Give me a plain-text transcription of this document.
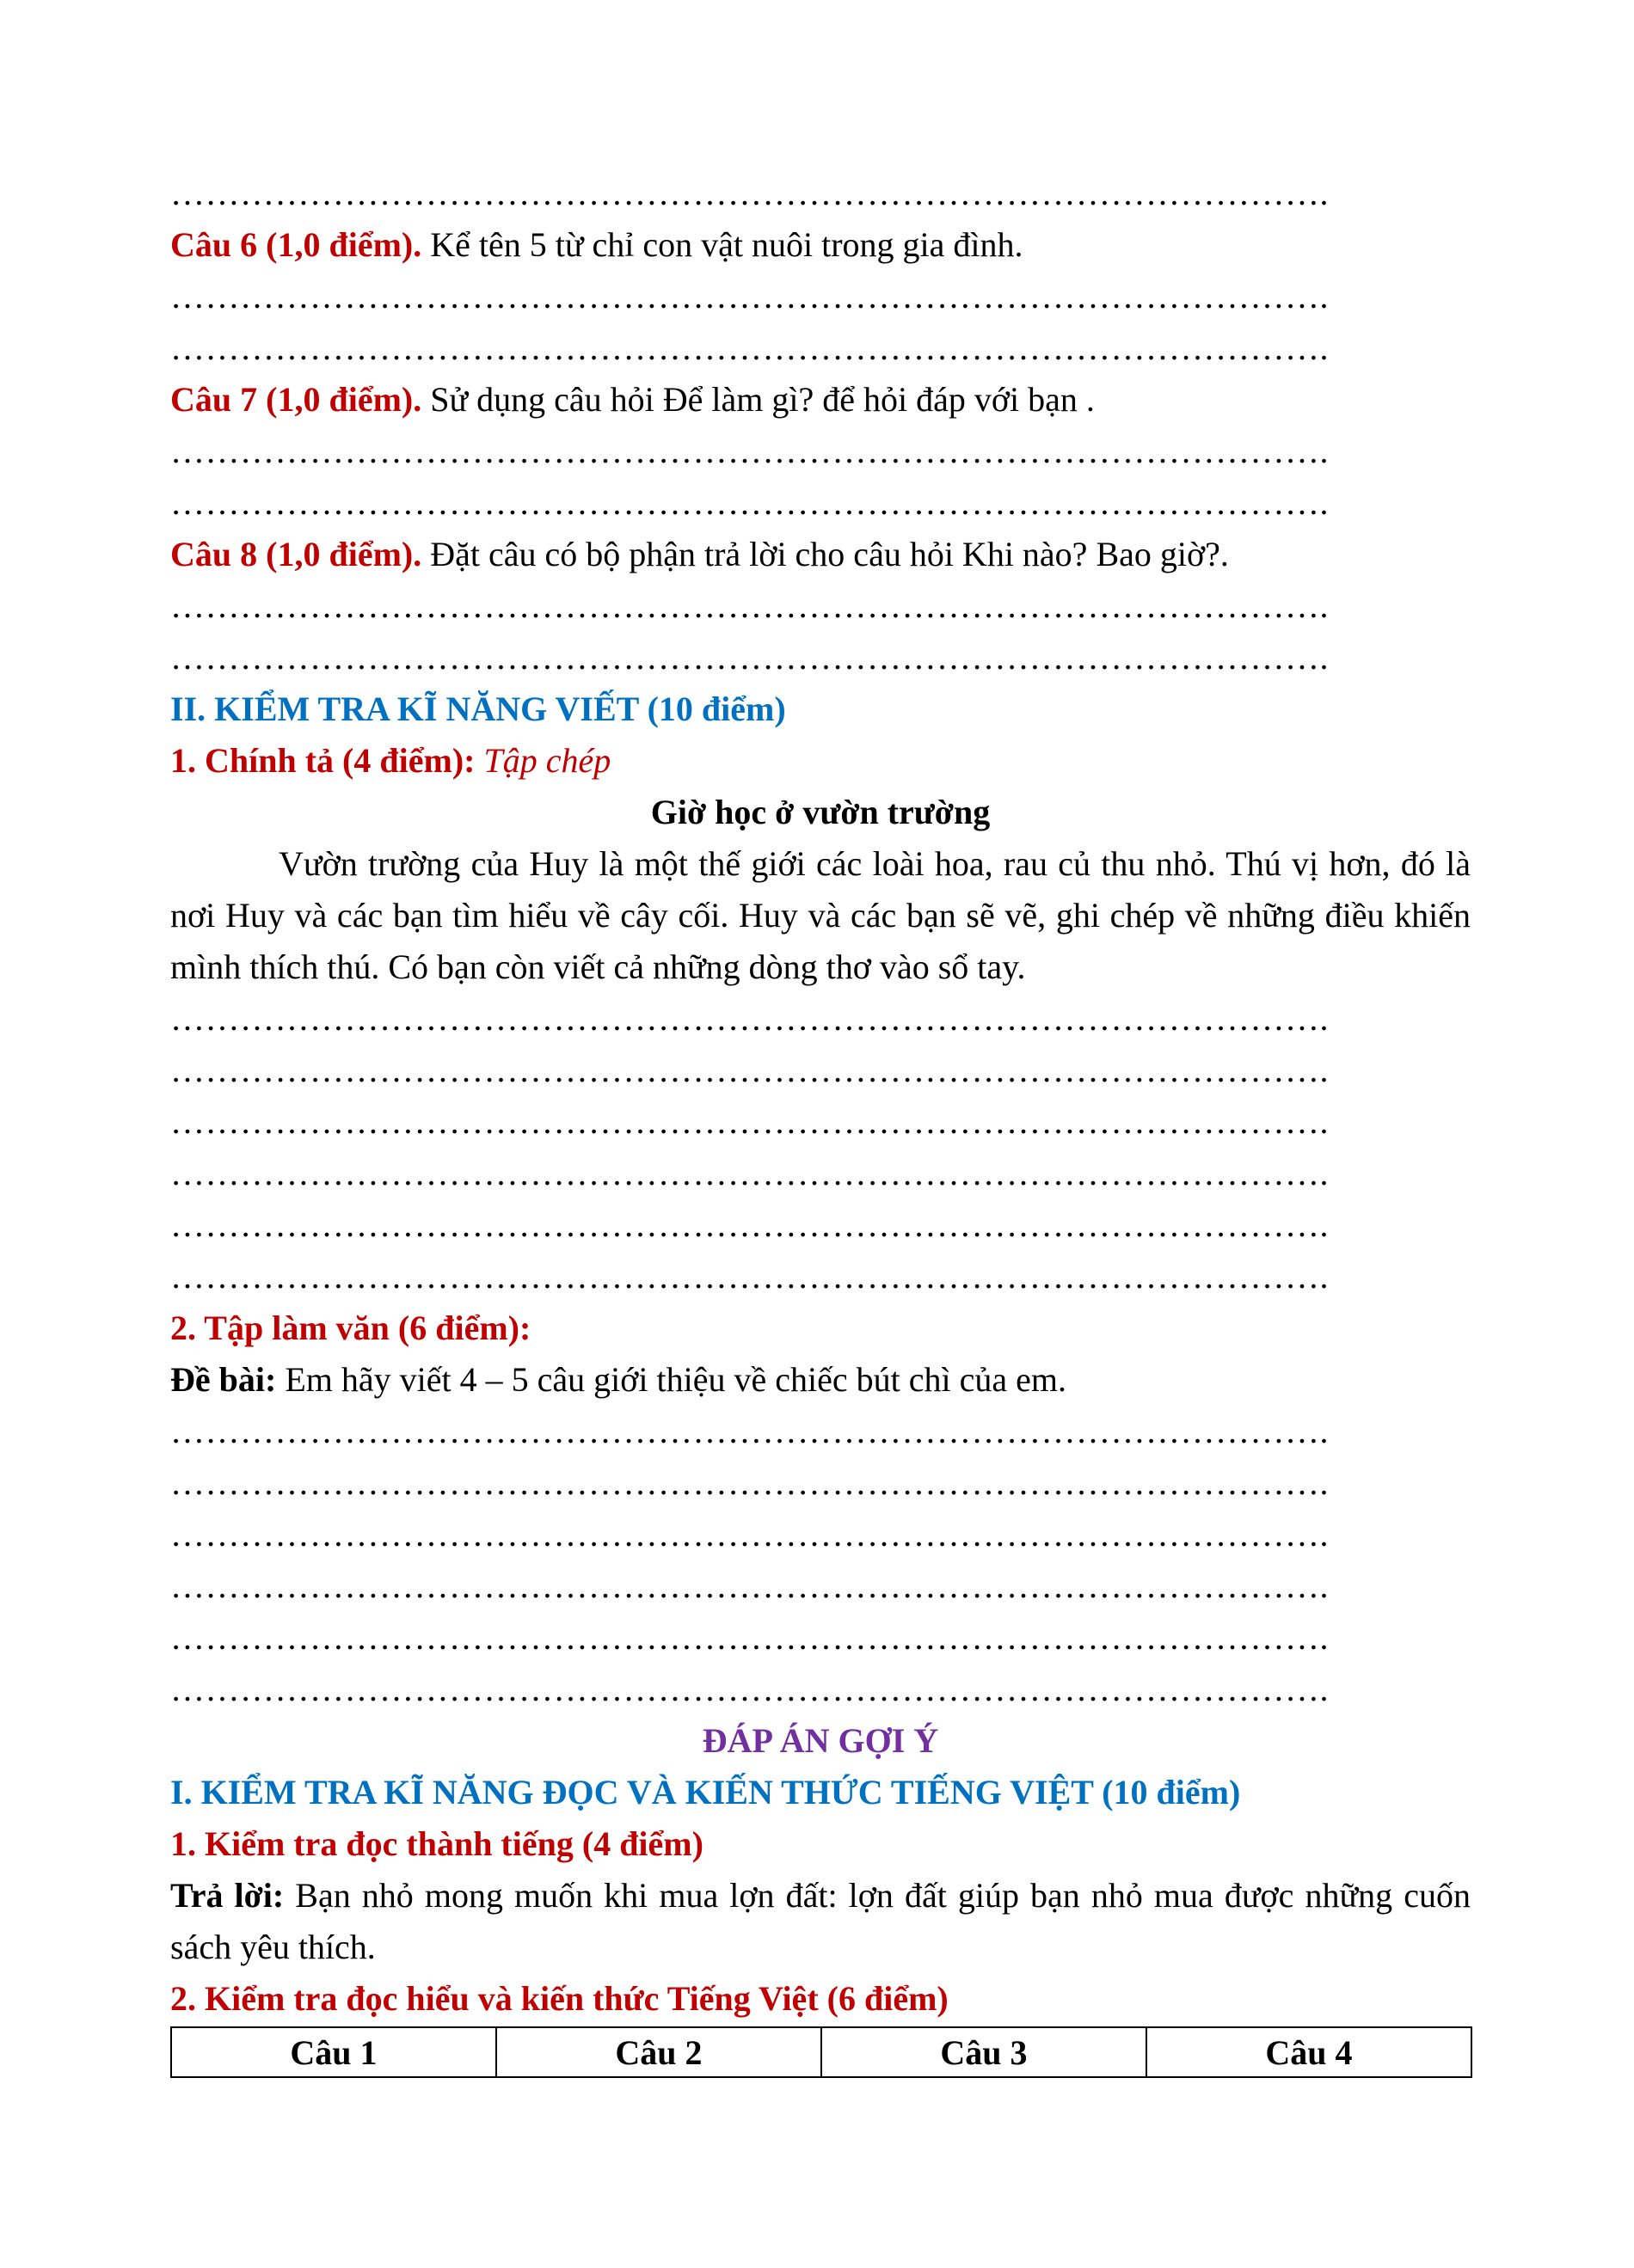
……………………………………………………………………………………….
Câu 6 (1,0 điểm). Kể tên 5 từ chỉ con vật nuôi trong gia đình.
……………………………………………………………………………………….
……………………………………………………………………………………….
Câu 7 (1,0 điểm). Sử dụng câu hỏi Để làm gì? để hỏi đáp với bạn .
……………………………………………………………………………………….
……………………………………………………………………………………….
Câu 8 (1,0 điểm). Đặt câu có bộ phận trả lời cho câu hỏi Khi nào? Bao giờ?.
……………………………………………………………………………………….
……………………………………………………………………………………….
II. KIỂM TRA KĨ NĂNG VIẾT (10 điểm)
1. Chính tả (4 điểm): Tập chép
Giờ học ở vườn trường
Vườn trường của Huy là một thế giới các loài hoa, rau củ thu nhỏ. Thú vị hơn, đó là nơi Huy và các bạn tìm hiểu về cây cối. Huy và các bạn sẽ vẽ, ghi chép về những điều khiến mình thích thú. Có bạn còn viết cả những dòng thơ vào sổ tay.
……………………………………………………………………………………….
……………………………………………………………………………………….
……………………………………………………………………………………….
……………………………………………………………………………………….
……………………………………………………………………………………….
……………………………………………………………………………………….
2. Tập làm văn (6 điểm):
Đề bài: Em hãy viết 4 – 5 câu giới thiệu về chiếc bút chì của em.
……………………………………………………………………………………….
……………………………………………………………………………………….
……………………………………………………………………………………….
……………………………………………………………………………………….
……………………………………………………………………………………….
……………………………………………………………………………………….
ĐÁP ÁN GỢI Ý
I. KIỂM TRA KĨ NĂNG ĐỌC VÀ KIẾN THỨC TIẾNG VIỆT (10 điểm)
1. Kiểm tra đọc thành tiếng (4 điểm)
Trả lời: Bạn nhỏ mong muốn khi mua lợn đất: lợn đất giúp bạn nhỏ mua được những cuốn sách yêu thích.
2. Kiểm tra đọc hiểu và kiến thức Tiếng Việt (6 điểm)
Câu 1	Câu 2	Câu 3	Câu 4
